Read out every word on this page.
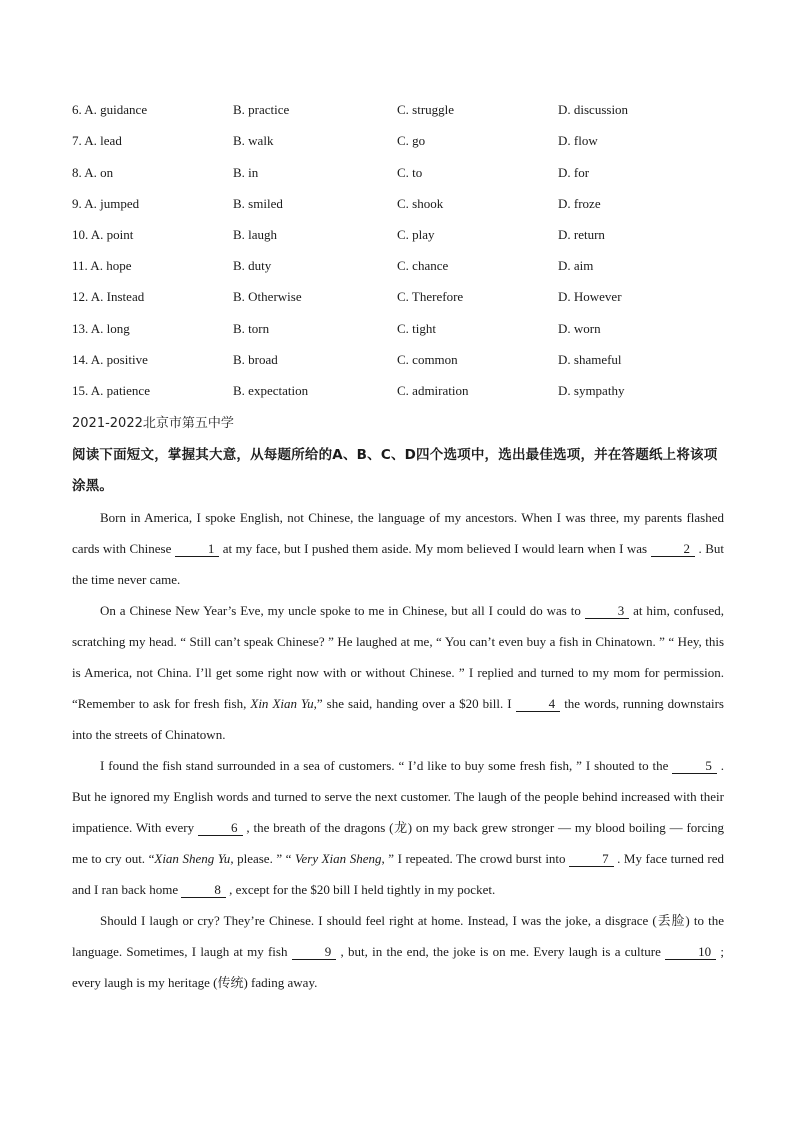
6. A. guidance	B. practice	C. struggle	D. discussion
7. A. lead	B. walk	C. go	D. flow
8. A. on	B. in	C. to	D. for
9. A. jumped	B. smiled	C. shook	D. froze
10. A. point	B. laugh	C. play	D. return
11. A. hope	B. duty	C. chance	D. aim
12. A. Instead	B. Otherwise	C. Therefore	D. However
13. A. long	B. torn	C. tight	D. worn
14. A. positive	B. broad	C. common	D. shameful
15. A. patience	B. expectation	C. admiration	D. sympathy
2021-2022北京市第五中学
阅读下面短文，掌握其大意，从每题所给的A、B、C、D四个选项中，选出最佳选项，并在答题纸上将该项涂黑。

Born in America, I spoke English, not Chinese, the language of my ancestors. When I was three, my parents flashed cards with Chinese	1 at my face, but I pushed them aside. My mom believed I would learn when I was	2 . But the time never came.

On a Chinese New Year’s Eve, my uncle spoke to me in Chinese, but all I could do was to	3 at him, confused, scratching my head. “ Still can’t speak Chinese? ” He laughed at me, “ You can’t even buy a fish in Chinatown. ” “ Hey, this is America, not China. I’ll get some right now with or without Chinese. ” I replied and turned to my mom for permission. “Remember to ask for fresh fish, Xin Xian Yu,” she said, handing over a $20 bill. I	4 the words, running downstairs into the streets of Chinatown.

I found the fish stand surrounded in a sea of customers. “ I’d like to buy some fresh fish, ” I shouted to the	5 . But he ignored my English words and turned to serve the next customer. The laugh of the people behind increased with their impatience. With every	6 , the breath of the dragons (龙) on my back grew stronger — my blood boiling — forcing me to cry out. “Xian Sheng Yu, please. ” “ Very Xian Sheng, ” I repeated. The crowd burst into	7 . My face turned red and I ran back home	8 , except for the $20 bill I held tightly in my pocket.

Should I laugh or cry? They’re Chinese. I should feel right at home. Instead, I was the joke, a disgrace (丢脸) to the language. Sometimes, I laugh at my fish	9 , but, in the end, the joke is on me. Every laugh is a culture	10 ; every laugh is my heritage (传统) fading away.
